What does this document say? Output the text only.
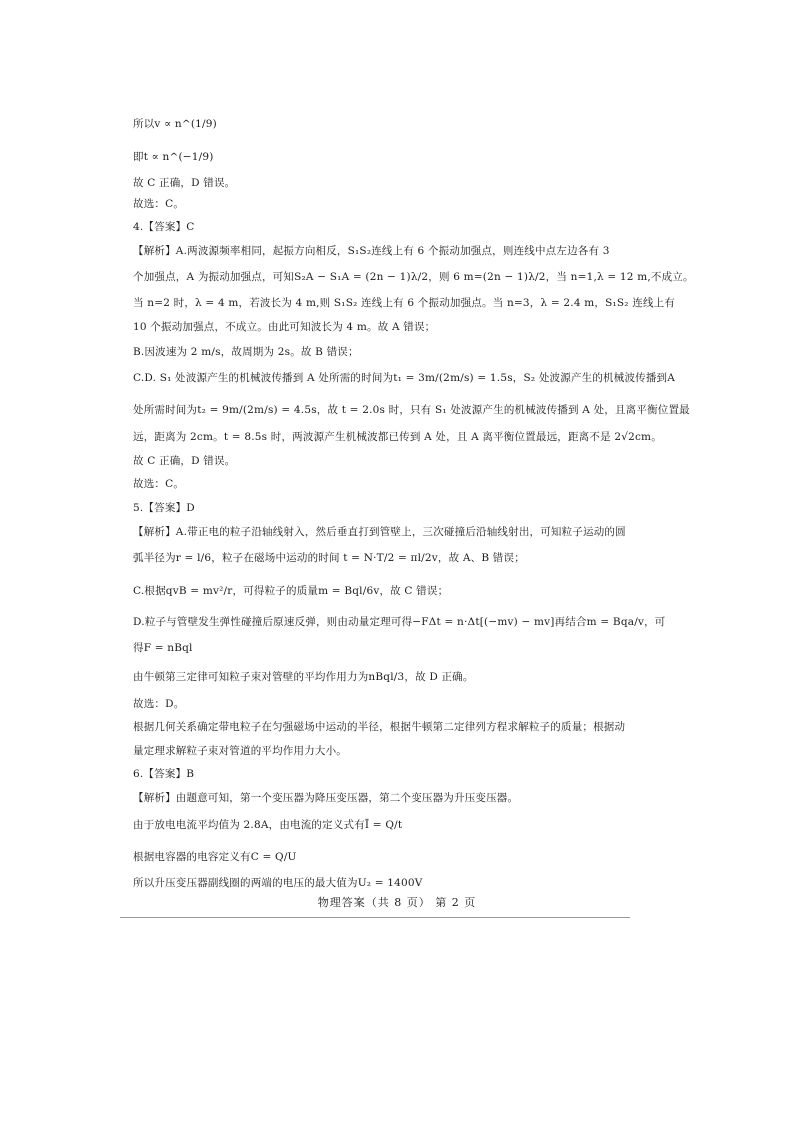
所以v ∝ n^(1/9)
即t ∝ n^(−1/9)
故 C 正确，D 错误。
故选：C。
4.【答案】C
【解析】A.两波源频率相同，起振方向相反，S₁S₂连线上有 6 个振动加强点，则连线中点左边各有 3
个加强点，A 为振动加强点，可知S₂A − S₁A = (2n − 1)λ/2，则 6 m=(2n − 1)λ/2，当 n=1,λ = 12 m,不成立。
当 n=2 时，λ = 4 m，若波长为 4 m,则 S₁S₂ 连线上有 6 个振动加强点。当 n=3，λ = 2.4 m，S₁S₂ 连线上有
10 个振动加强点，不成立。由此可知波长为 4 m。故 A 错误；
B.因波速为 2 m/s，故周期为 2s。故 B 错误；
C.D. S₁ 处波源产生的机械波传播到 A 处所需的时间为t₁ = 3m/(2m/s) = 1.5s，S₂ 处波源产生的机械波传播到A
处所需时间为t₂ = 9m/(2m/s) = 4.5s，故 t = 2.0s 时，只有 S₁ 处波源产生的机械波传播到 A 处，且离平衡位置最
远，距离为 2cm。t = 8.5s 时，两波源产生机械波都已传到 A 处，且 A 离平衡位置最远，距离不是 2√2cm。
故 C 正确，D 错误。
故选：C。
5.【答案】D
【解析】A.带正电的粒子沿轴线射入，然后垂直打到管壁上，三次碰撞后沿轴线射出，可知粒子运动的圆
弧半径为r = l/6，粒子在磁场中运动的时间 t = N·T/2 = πl/2v，故 A、B 错误；
C.根据qvB = mv²/r，可得粒子的质量m = Bql/6v，故 C 错误；
D.粒子与管壁发生弹性碰撞后原速反弹，则由动量定理可得−FΔt = n·Δt[(−mv) − mv]再结合m = Bqa/v，可
得F = nBql
由牛顿第三定律可知粒子束对管壁的平均作用力为nBql/3，故 D 正确。
故选：D。
根据几何关系确定带电粒子在匀强磁场中运动的半径，根据牛顿第二定律列方程求解粒子的质量；根据动
量定理求解粒子束对管道的平均作用力大小。
6.【答案】B
【解析】由题意可知，第一个变压器为降压变压器，第二个变压器为升压变压器。
由于放电电流平均值为 2.8A，由电流的定义式有Ī = Q/t
根据电容器的电容定义有C = Q/U
所以升压变压器副线圈的两端的电压的最大值为U₂ = 1400V
物理答案（共 8 页） 第 2 页
